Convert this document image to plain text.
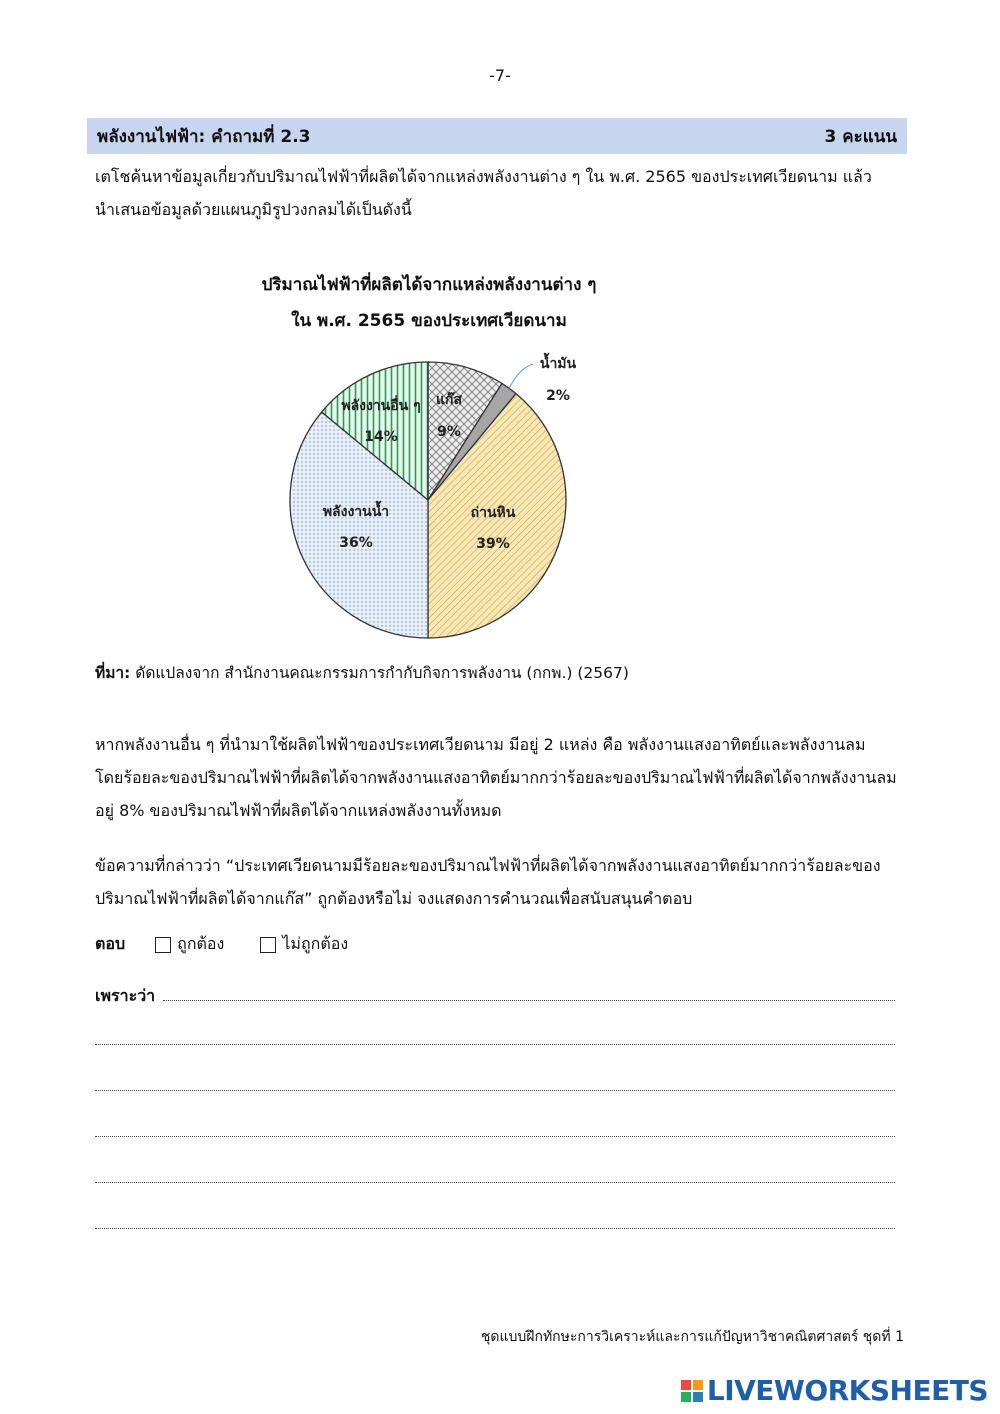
-7-
พลังงานไฟฟ้า: คำถามที่ 2.3	3 คะแนน
เตโชค้นหาข้อมูลเกี่ยวกับปริมาณไฟฟ้าที่ผลิตได้จากแหล่งพลังงานต่าง ๆ ใน พ.ศ. 2565 ของประเทศเวียดนาม แล้ว
นำเสนอข้อมูลด้วยแผนภูมิรูปวงกลมได้เป็นดังนี้
ปริมาณไฟฟ้าที่ผลิตได้จากแหล่งพลังงานต่าง ๆ
ใน พ.ศ. 2565 ของประเทศเวียดนาม
แก๊ส
9%
น้ำมัน
2%
ถ่านหิน
39%
พลังงานน้ำ
36%
พลังงานอื่น ๆ
14%
ที่มา: ดัดแปลงจาก สำนักงานคณะกรรมการกำกับกิจการพลังงาน (กกพ.) (2567)
หากพลังงานอื่น ๆ ที่นำมาใช้ผลิตไฟฟ้าของประเทศเวียดนาม มีอยู่ 2 แหล่ง คือ พลังงานแสงอาทิตย์และพลังงานลม
โดยร้อยละของปริมาณไฟฟ้าที่ผลิตได้จากพลังงานแสงอาทิตย์มากกว่าร้อยละของปริมาณไฟฟ้าที่ผลิตได้จากพลังงานลม
อยู่ 8% ของปริมาณไฟฟ้าที่ผลิตได้จากแหล่งพลังงานทั้งหมด
ข้อความที่กล่าวว่า “ประเทศเวียดนามมีร้อยละของปริมาณไฟฟ้าที่ผลิตได้จากพลังงานแสงอาทิตย์มากกว่าร้อยละของ
ปริมาณไฟฟ้าที่ผลิตได้จากแก๊ส” ถูกต้องหรือไม่ จงแสดงการคำนวณเพื่อสนับสนุนคำตอบ
ตอบ	ถูกต้อง	ไม่ถูกต้อง
เพราะว่า
ชุดแบบฝึกทักษะการวิเคราะห์และการแก้ปัญหาวิชาคณิตศาสตร์ ชุดที่ 1
LIVEWORKSHEETS
